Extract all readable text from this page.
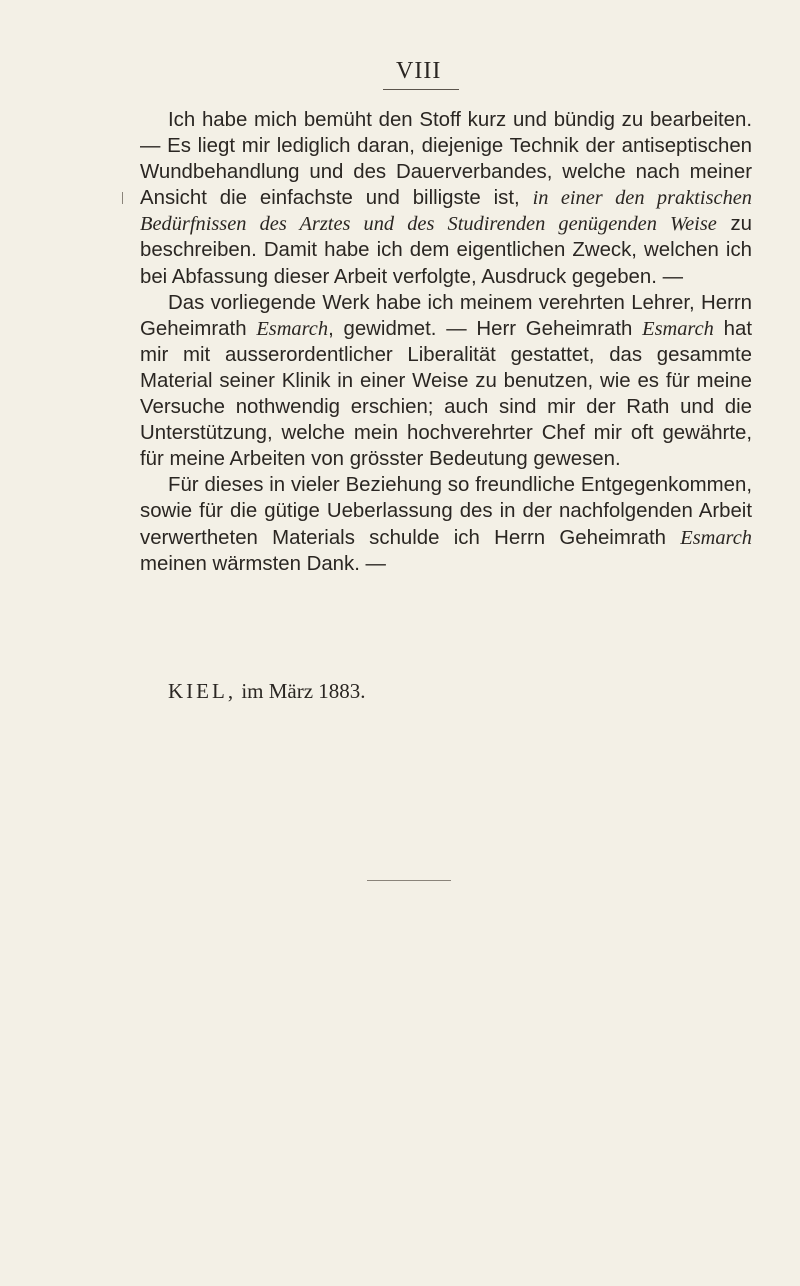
VIII

Ich habe mich bemüht den Stoff kurz und bündig zu bearbeiten. — Es liegt mir lediglich daran, diejenige Technik der antiseptischen Wundbehandlung und des Dauerverbandes, welche nach meiner Ansicht die einfachste und billigste ist, in einer den praktischen Bedürfnissen des Arztes und des Studirenden genügenden Weise zu beschreiben. Damit habe ich dem eigentlichen Zweck, welchen ich bei Abfassung dieser Arbeit verfolgte, Ausdruck gegeben. —

Das vorliegende Werk habe ich meinem verehrten Lehrer, Herrn Geheimrath Esmarch, gewidmet. — Herr Geheimrath Esmarch hat mir mit ausserordentlicher Liberalität gestattet, das gesammte Material seiner Klinik in einer Weise zu benutzen, wie es für meine Versuche nothwendig erschien; auch sind mir der Rath und die Unterstützung, welche mein hochverehrter Chef mir oft gewährte, für meine Arbeiten von grösster Bedeutung gewesen.

Für dieses in vieler Beziehung so freundliche Entgegenkommen, sowie für die gütige Ueberlassung des in der nachfolgenden Arbeit verwertheten Materials schulde ich Herrn Geheimrath Esmarch meinen wärmsten Dank. —

KIEL, im März 1883.
